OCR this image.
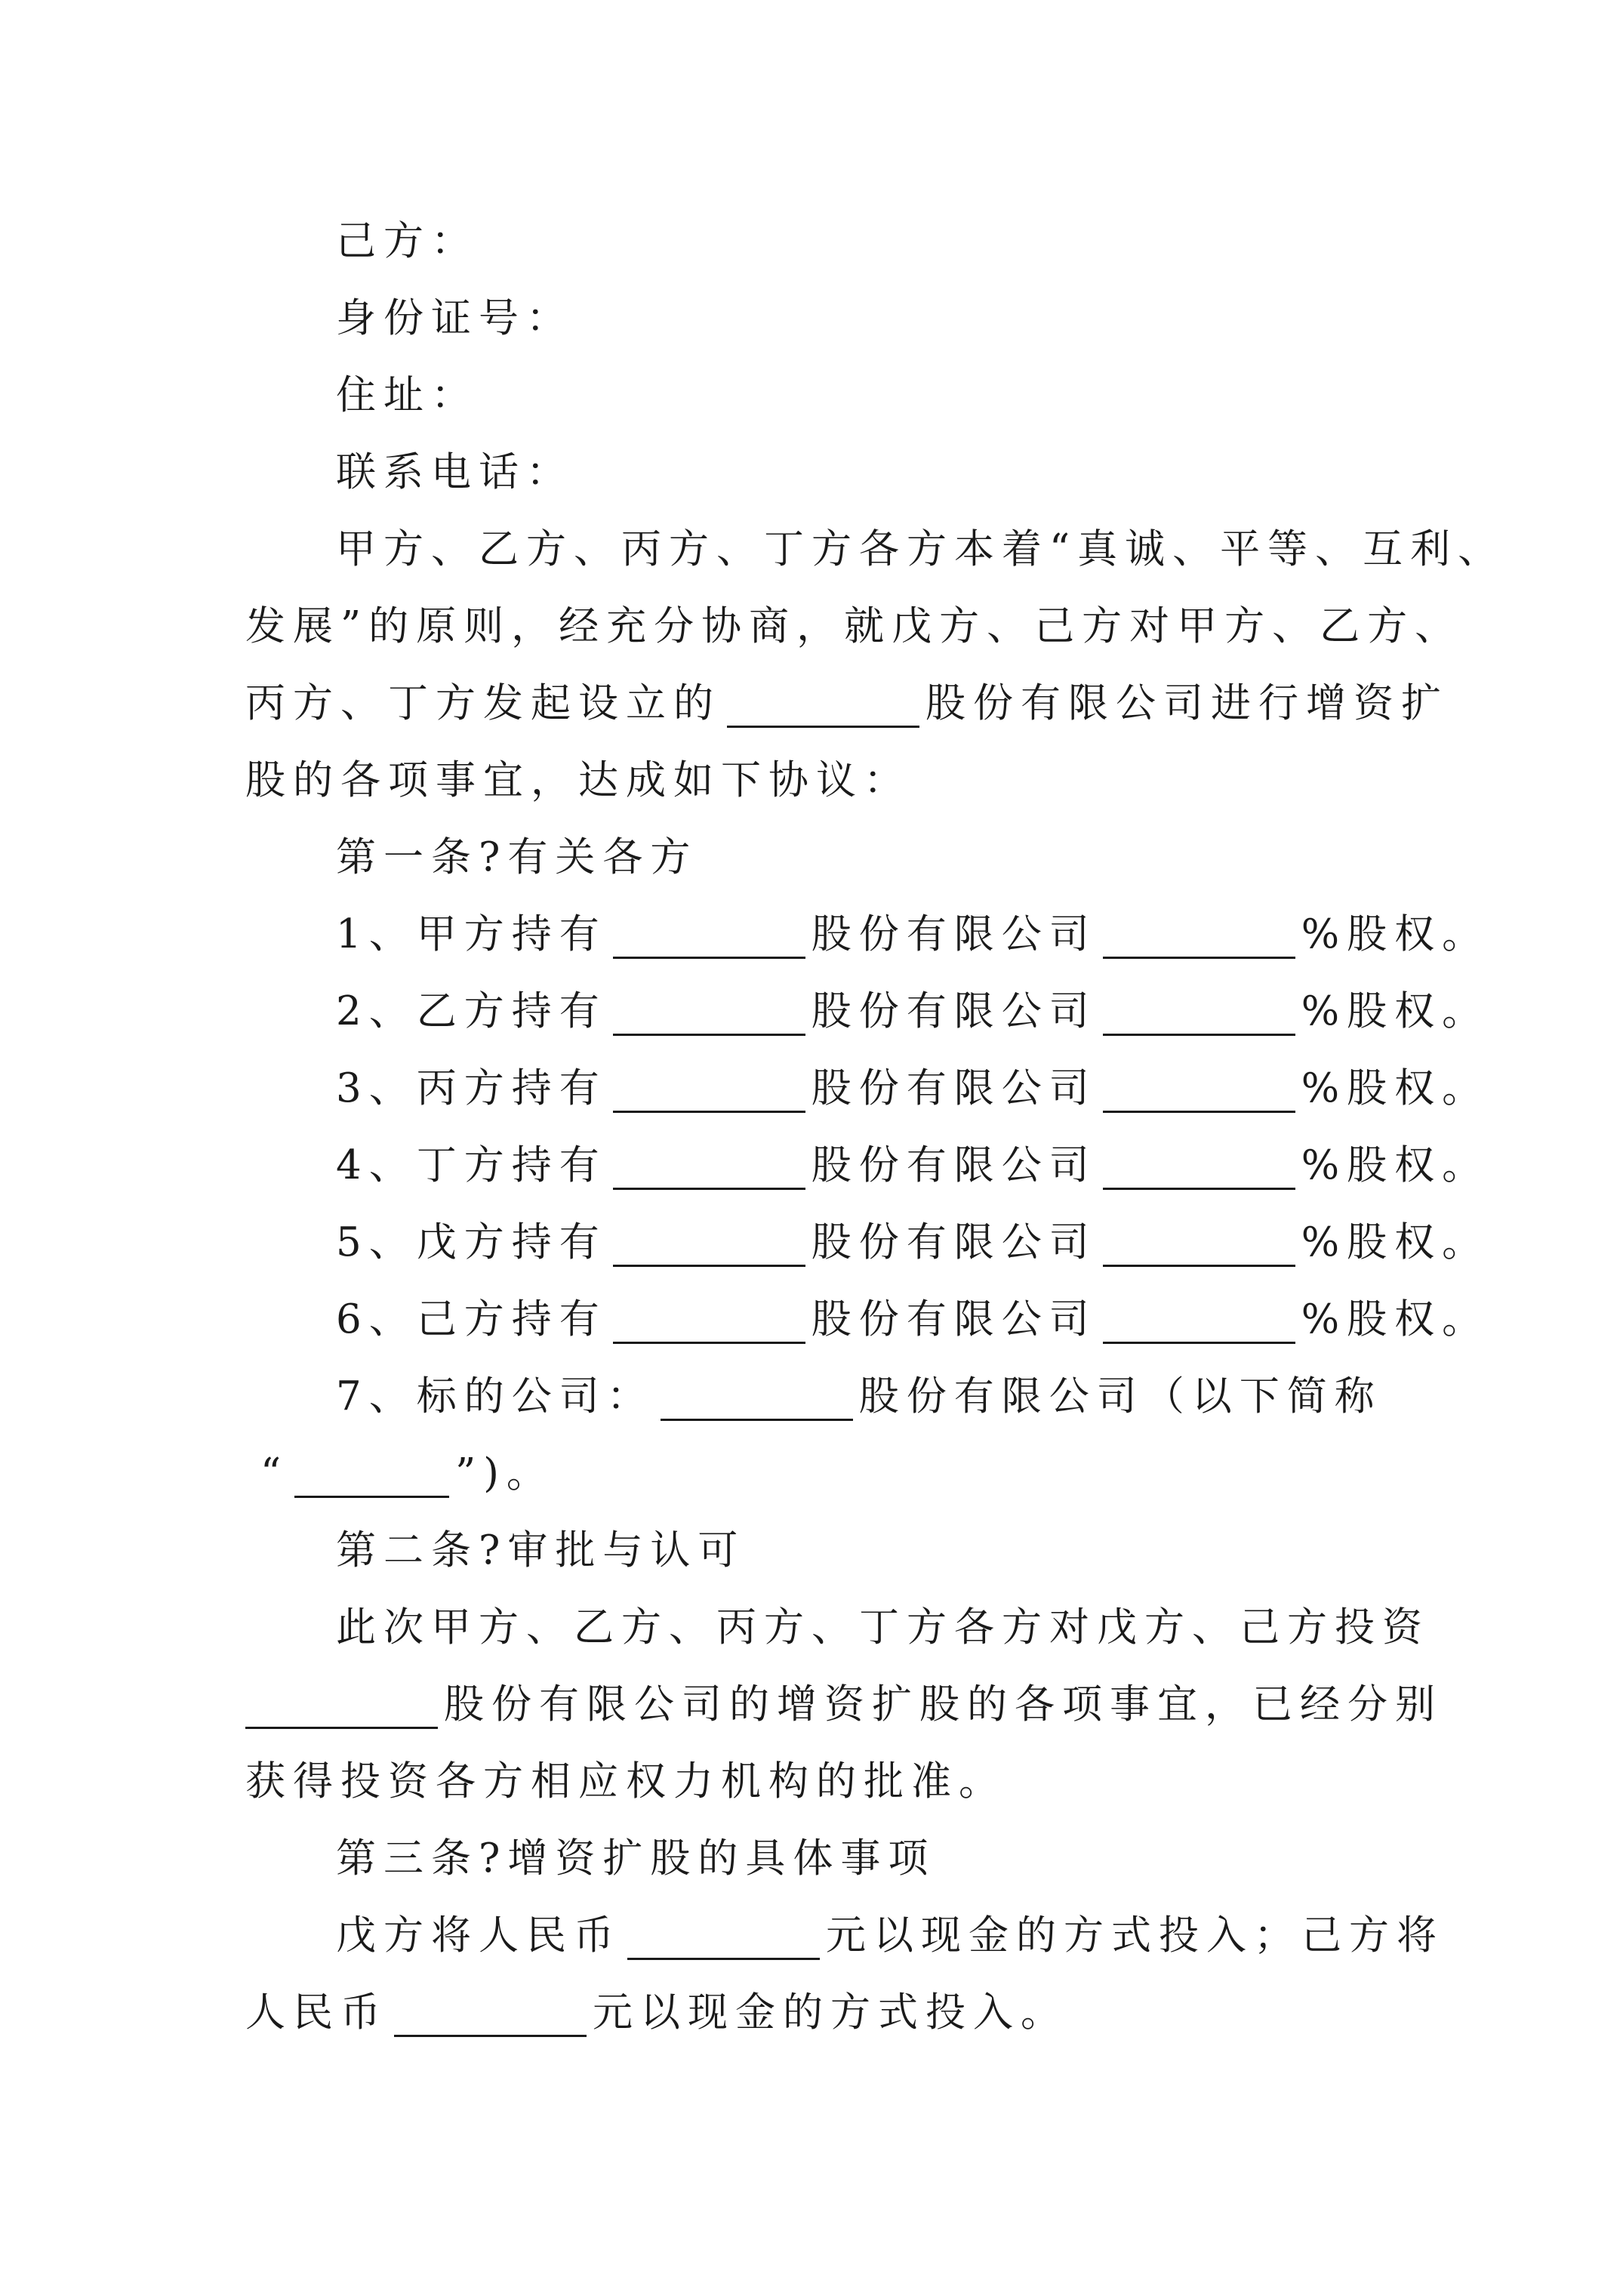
己方：
身份证号：
住址：
联系电话：
甲方、乙方、丙方、丁方各方本着“真诚、平等、互利、
发展”的原则，经充分协商，就戊方、己方对甲方、乙方、
丙方、丁方发起设立的	股份有限公司进行增资扩
股的各项事宜，达成如下协议：
第一条?有关各方
1、甲方持有	股份有限公司	%股权。
2、乙方持有	股份有限公司	%股权。
3、丙方持有	股份有限公司	%股权。
4、丁方持有	股份有限公司	%股权。
5、戊方持有	股份有限公司	%股权。
6、己方持有	股份有限公司	%股权。
7、标的公司：	股份有限公司（以下简称
“	”)。
第二条?审批与认可
此次甲方、乙方、丙方、丁方各方对戊方、己方投资
股份有限公司的增资扩股的各项事宜，已经分别
获得投资各方相应权力机构的批准。
第三条?增资扩股的具体事项
戊方将人民币	元以现金的方式投入；己方将
人民币	元以现金的方式投入。
